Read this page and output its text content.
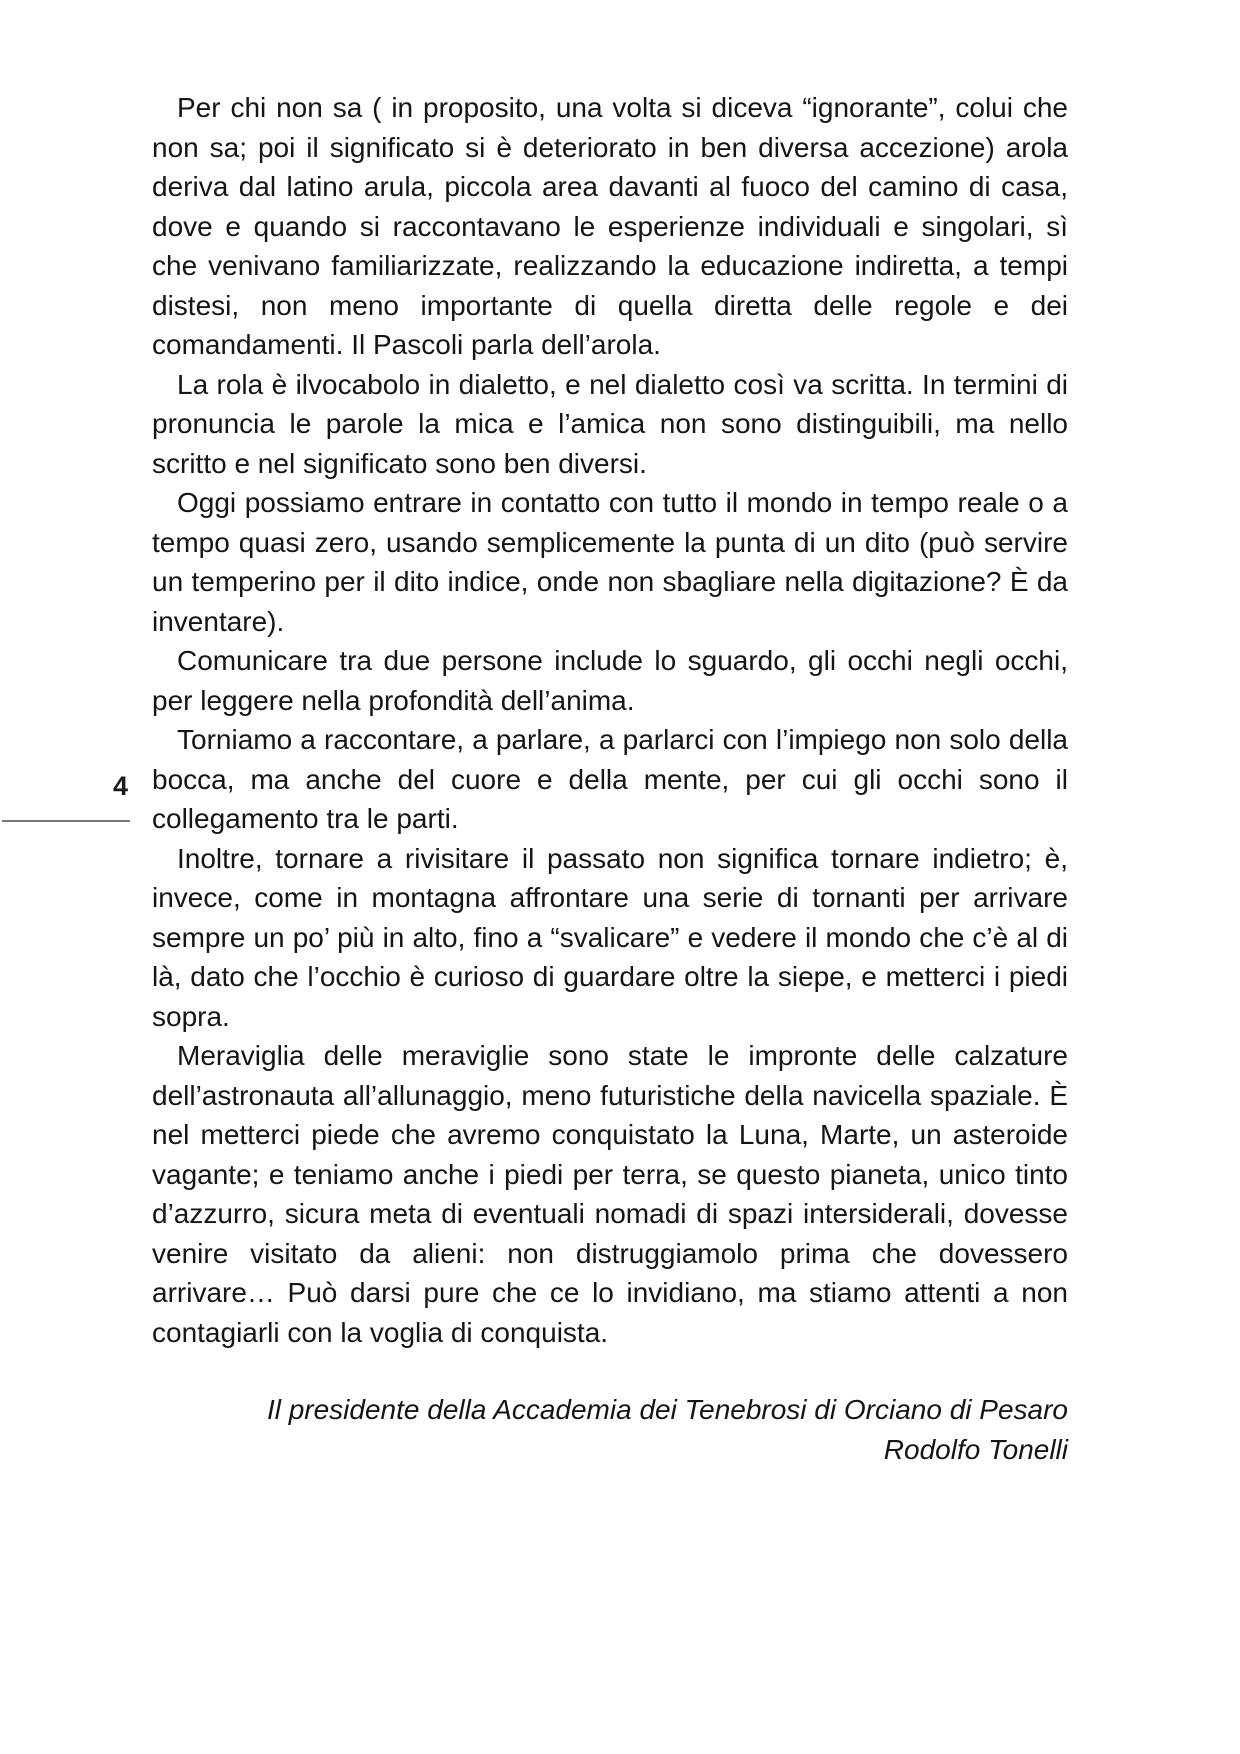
4

Per chi non sa ( in proposito, una volta si diceva “ignorante”, colui che non sa; poi il significato si è deteriorato in ben diversa accezione) arola deriva dal latino arula, piccola area davanti al fuoco del camino di casa, dove e quando si raccontavano le esperienze individuali e singolari, sì che venivano familiarizzate, realizzando la educazione indiretta, a tempi distesi, non meno importante di quella diretta delle regole e dei comandamenti. Il Pascoli parla dell’arola.

La rola è ilvocabolo in dialetto, e nel dialetto così va scritta. In termini di pronuncia le parole la mica e l’amica non sono distinguibili, ma nello scritto e nel significato sono ben diversi.

Oggi possiamo entrare in contatto con tutto il mondo in tempo reale o a tempo quasi zero, usando semplicemente la punta di un dito (può servire un temperino per il dito indice, onde non sbagliare nella digitazione? È da inventare).

Comunicare tra due persone include lo sguardo, gli occhi negli occhi, per leggere nella profondità dell’anima.

Torniamo a raccontare, a parlare, a parlarci con l’impiego non solo della bocca, ma anche del cuore e della mente, per cui gli occhi sono il collegamento tra le parti.

Inoltre, tornare a rivisitare il passato non significa tornare indietro; è, invece, come in montagna affrontare una serie di tornanti per arrivare sempre un po’ più in alto, fino a “svalicare” e vedere il mondo che c’è al di là, dato che l’occhio è curioso di guardare oltre la siepe, e metterci i piedi sopra.

Meraviglia delle meraviglie sono state le impronte delle calzature dell’astronauta all’allunaggio, meno futuristiche della navicella spaziale. È nel metterci piede che avremo conquistato la Luna, Marte, un asteroide vagante; e teniamo anche i piedi per terra, se questo pianeta, unico tinto d’azzurro, sicura meta di eventuali nomadi di spazi intersiderali, dovesse venire visitato da alieni: non distruggiamolo prima che dovessero arrivare… Può darsi pure che ce lo invidiano, ma stiamo attenti a non contagiarli con la voglia di conquista.

Il presidente della Accademia dei Tenebrosi di Orciano di Pesaro

Rodolfo Tonelli
